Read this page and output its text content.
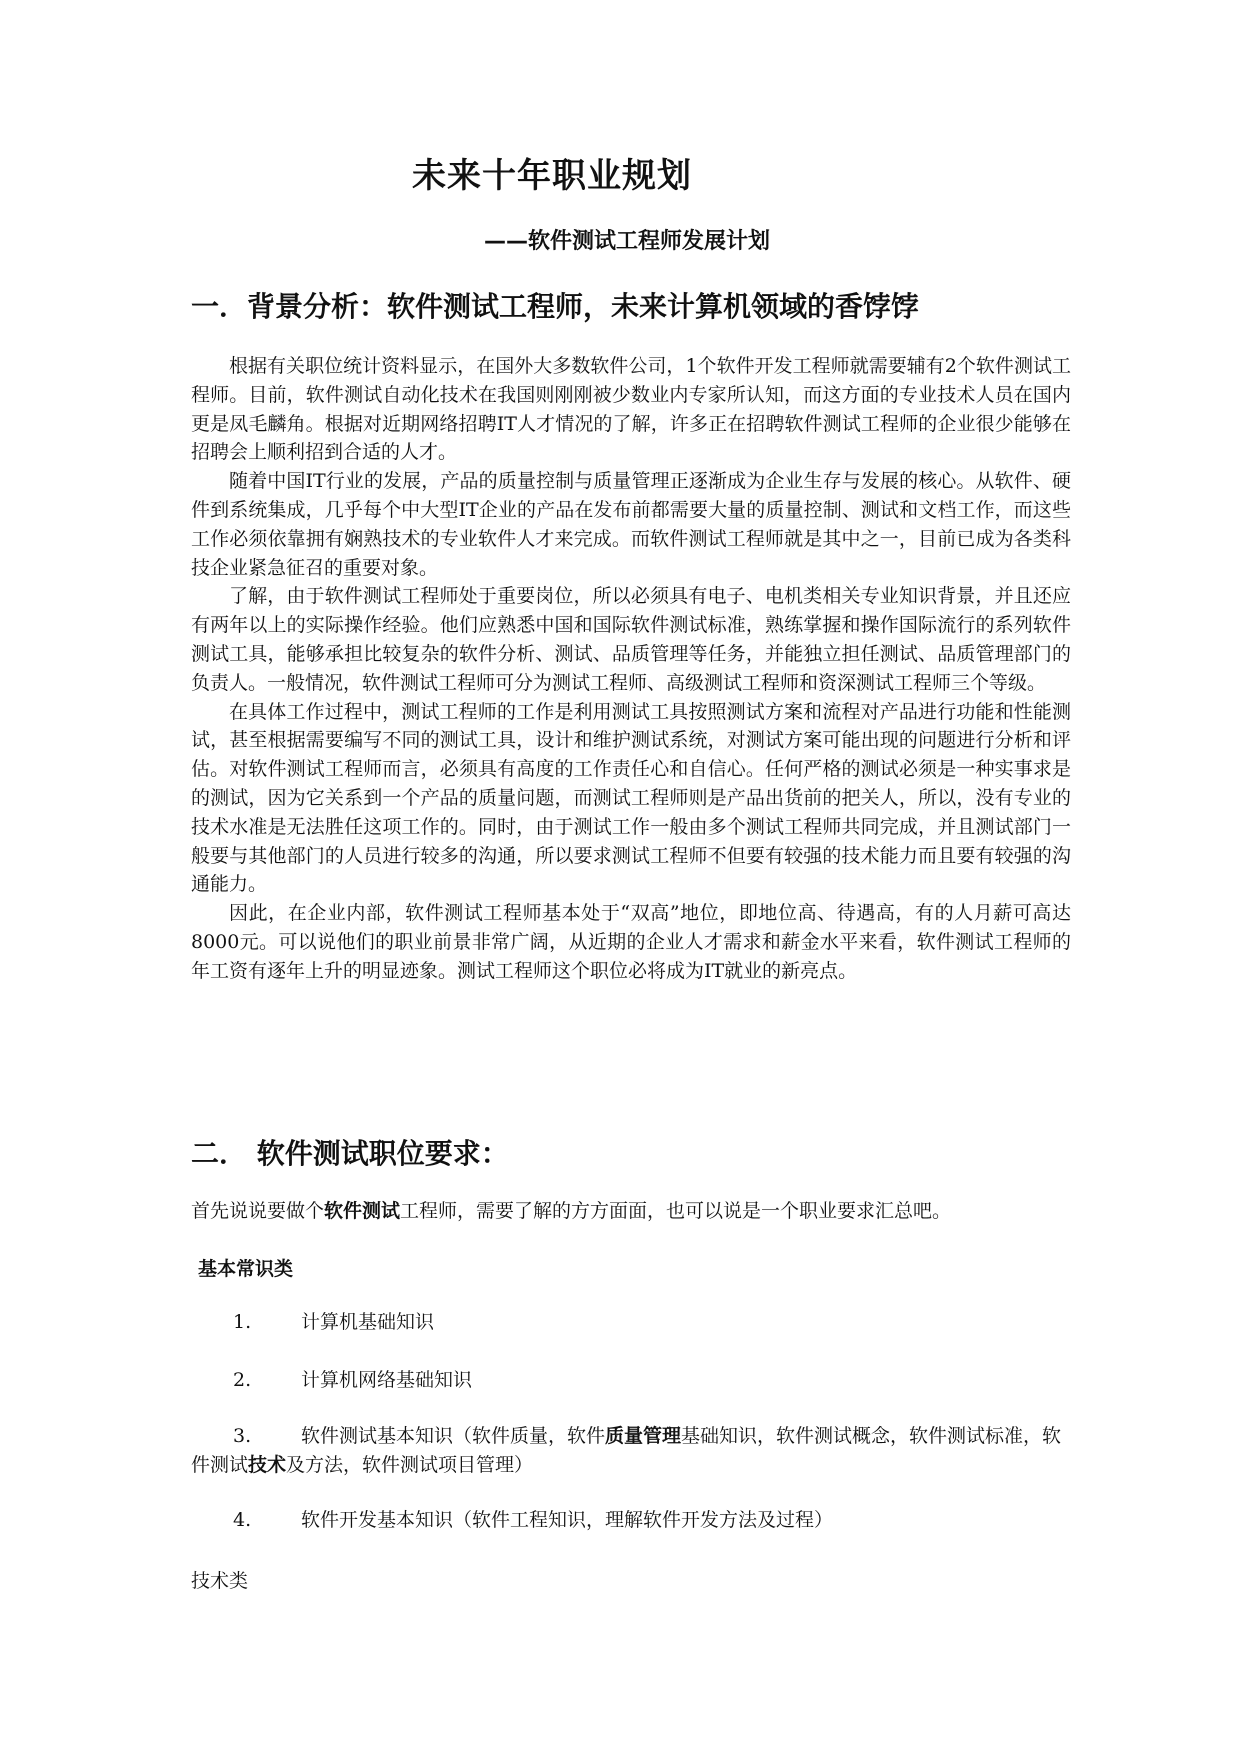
未来十年职业规划
——软件测试工程师发展计划
一．背景分析：软件测试工程师，未来计算机领域的香饽饽

根据有关职位统计资料显示，在国外大多数软件公司，1个软件开发工程师就需要辅有2个软件测试工程师。目前，软件测试自动化技术在我国则刚刚被少数业内专家所认知，而这方面的专业技术人员在国内更是凤毛麟角。根据对近期网络招聘IT人才情况的了解，许多正在招聘软件测试工程师的企业很少能够在招聘会上顺利招到合适的人才。

随着中国IT行业的发展，产品的质量控制与质量管理正逐渐成为企业生存与发展的核心。从软件、硬件到系统集成，几乎每个中大型IT企业的产品在发布前都需要大量的质量控制、测试和文档工作，而这些工作必须依靠拥有娴熟技术的专业软件人才来完成。而软件测试工程师就是其中之一，目前已成为各类科技企业紧急征召的重要对象。

了解，由于软件测试工程师处于重要岗位，所以必须具有电子、电机类相关专业知识背景，并且还应有两年以上的实际操作经验。他们应熟悉中国和国际软件测试标准，熟练掌握和操作国际流行的系列软件测试工具，能够承担比较复杂的软件分析、测试、品质管理等任务，并能独立担任测试、品质管理部门的负责人。一般情况，软件测试工程师可分为测试工程师、高级测试工程师和资深测试工程师三个等级。

在具体工作过程中，测试工程师的工作是利用测试工具按照测试方案和流程对产品进行功能和性能测试，甚至根据需要编写不同的测试工具，设计和维护测试系统，对测试方案可能出现的问题进行分析和评估。对软件测试工程师而言，必须具有高度的工作责任心和自信心。任何严格的测试必须是一种实事求是的测试，因为它关系到一个产品的质量问题，而测试工程师则是产品出货前的把关人，所以，没有专业的技术水准是无法胜任这项工作的。同时，由于测试工作一般由多个测试工程师共同完成，并且测试部门一般要与其他部门的人员进行较多的沟通，所以要求测试工程师不但要有较强的技术能力而且要有较强的沟通能力。

因此，在企业内部，软件测试工程师基本处于“双高”地位，即地位高、待遇高，有的人月薪可高达8000元。可以说他们的职业前景非常广阔，从近期的企业人才需求和薪金水平来看，软件测试工程师的年工资有逐年上升的明显迹象。测试工程师这个职位必将成为IT就业的新亮点。

二． 软件测试职位要求：
首先说说要做个软件测试工程师，需要了解的方方面面，也可以说是一个职业要求汇总吧。
基本常识类
1.	计算机基础知识
2.	计算机网络基础知识
3.	软件测试基本知识（软件质量，软件质量管理基础知识，软件测试概念，软件测试标准，软件测试技术及方法，软件测试项目管理）
4.	软件开发基本知识（软件工程知识，理解软件开发方法及过程）
技术类
